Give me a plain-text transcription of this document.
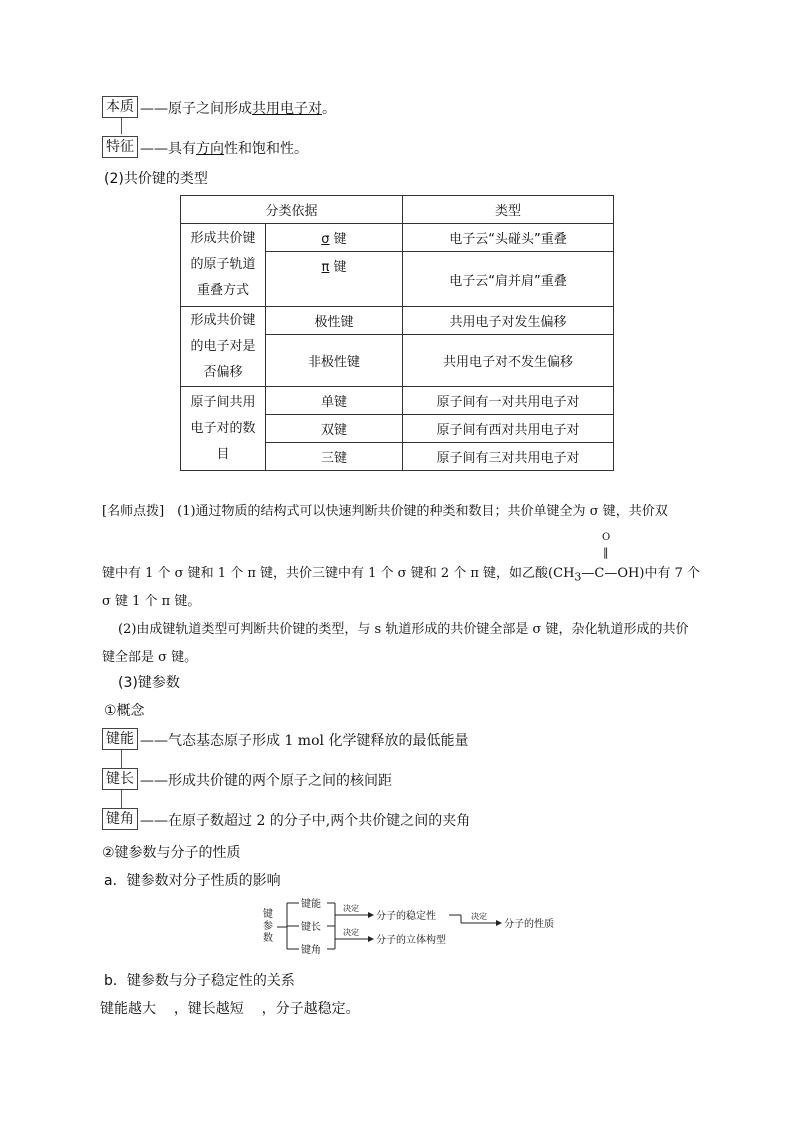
本质 ——原子之间形成共用电子对。
特征 ——具有方向性和饱和性。
(2)共价键的类型
分类依据		类型

形成共价键
的原子轨道
重叠方式	σ 键	电子云“头碰头”重叠
	π 键	电子云“肩并肩”重叠

形成共价键
的电子对是
否偏移	极性键	共用电子对发生偏移
	非极性键	共用电子对不发生偏移

原子间共用
电子对的数
目	单键	原子间有一对共用电子对
	双键	原子间有西对共用电子对
	三键	原子间有三对共用电子对
[名师点拨]　(1)通过物质的结构式可以快速判断共价键的种类和数目；共价单键全为 σ 键，共价双
键中有 1 个 σ 键和 1 个 π 键，共价三键中有 1 个 σ 键和 2 个 π 键，如乙酸$(CH_3—C—OH)$
O
‖
中有 7 个
σ 键 1 个 π 键。
(2)由成键轨道类型可判断共价键的类型，与 s 轨道形成的共价键全部是 σ 键，杂化轨道形成的共价
键全部是 σ 键。
(3)键参数
①概念
键能 ——气态基态原子形成 1 mol 化学键释放的最低能量
键长 ——形成共价键的两个原子之间的核间距
键角 ——在原子数超过 2 的分子中,两个共价键之间的夹角
②键参数与分子的性质
a．键参数对分子性质的影响
键
参
数
键能
键长
键角
决定
决定
分子的稳定性
分子的立体构型
决定
分子的性质
b．键参数与分子稳定性的关系
键能越大 ，键长越短 ，分子越稳定。
